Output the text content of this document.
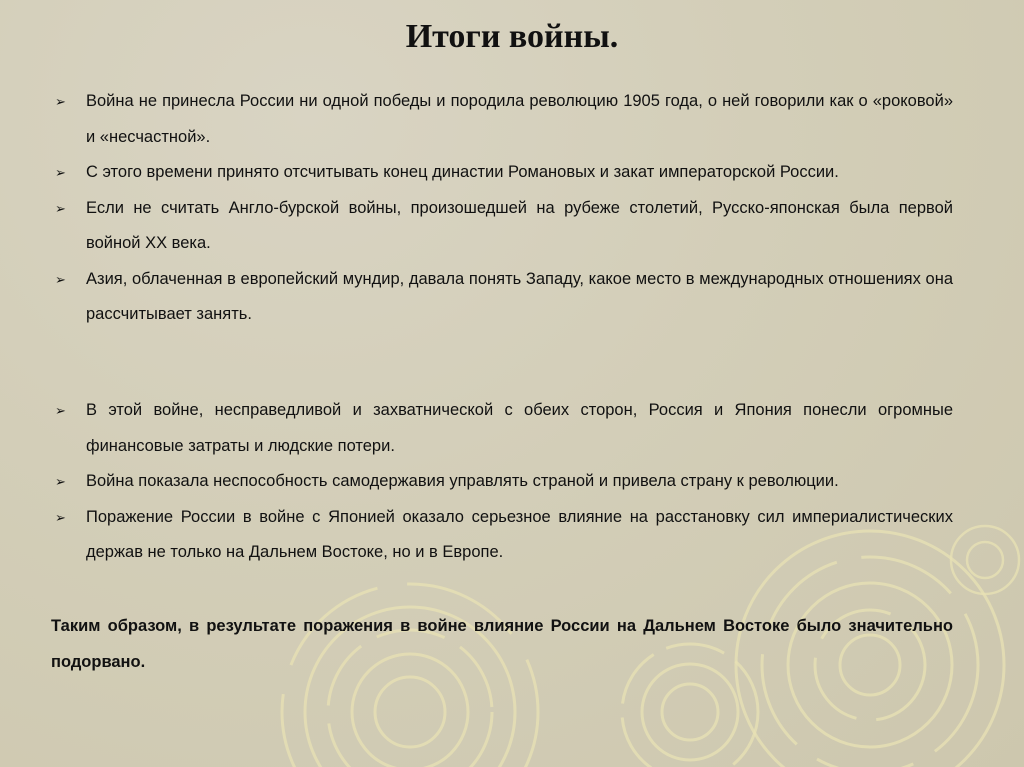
Итоги войны.
➢	Война не принесла России ни одной победы и породила революцию 1905 года, о ней говорили как о «роковой» и «несчастной».
➢	С этого времени принято отсчитывать конец династии Романовых и закат императорской России.
➢	Если не считать Англо-бурской войны, произошедшей на рубеже столетий, Русско-японская была первой войной XX века.
➢	Азия, облаченная в европейский мундир, давала понять Западу, какое место в международных отношениях она рассчитывает занять.
➢	В этой войне, несправедливой и захватнической с обеих сторон, Россия и Япония понесли огромные финансовые затраты и людские потери.
➢	Война показала неспособность самодержавия управлять страной и привела страну к революции.
➢	Поражение России в войне с Японией оказало серьезное влияние на расстановку сил империалистических держав не только на Дальнем Востоке, но и в Европе.

Таким образом, в результате поражения в войне влияние России на Дальнем Востоке было значительно подорвано.
